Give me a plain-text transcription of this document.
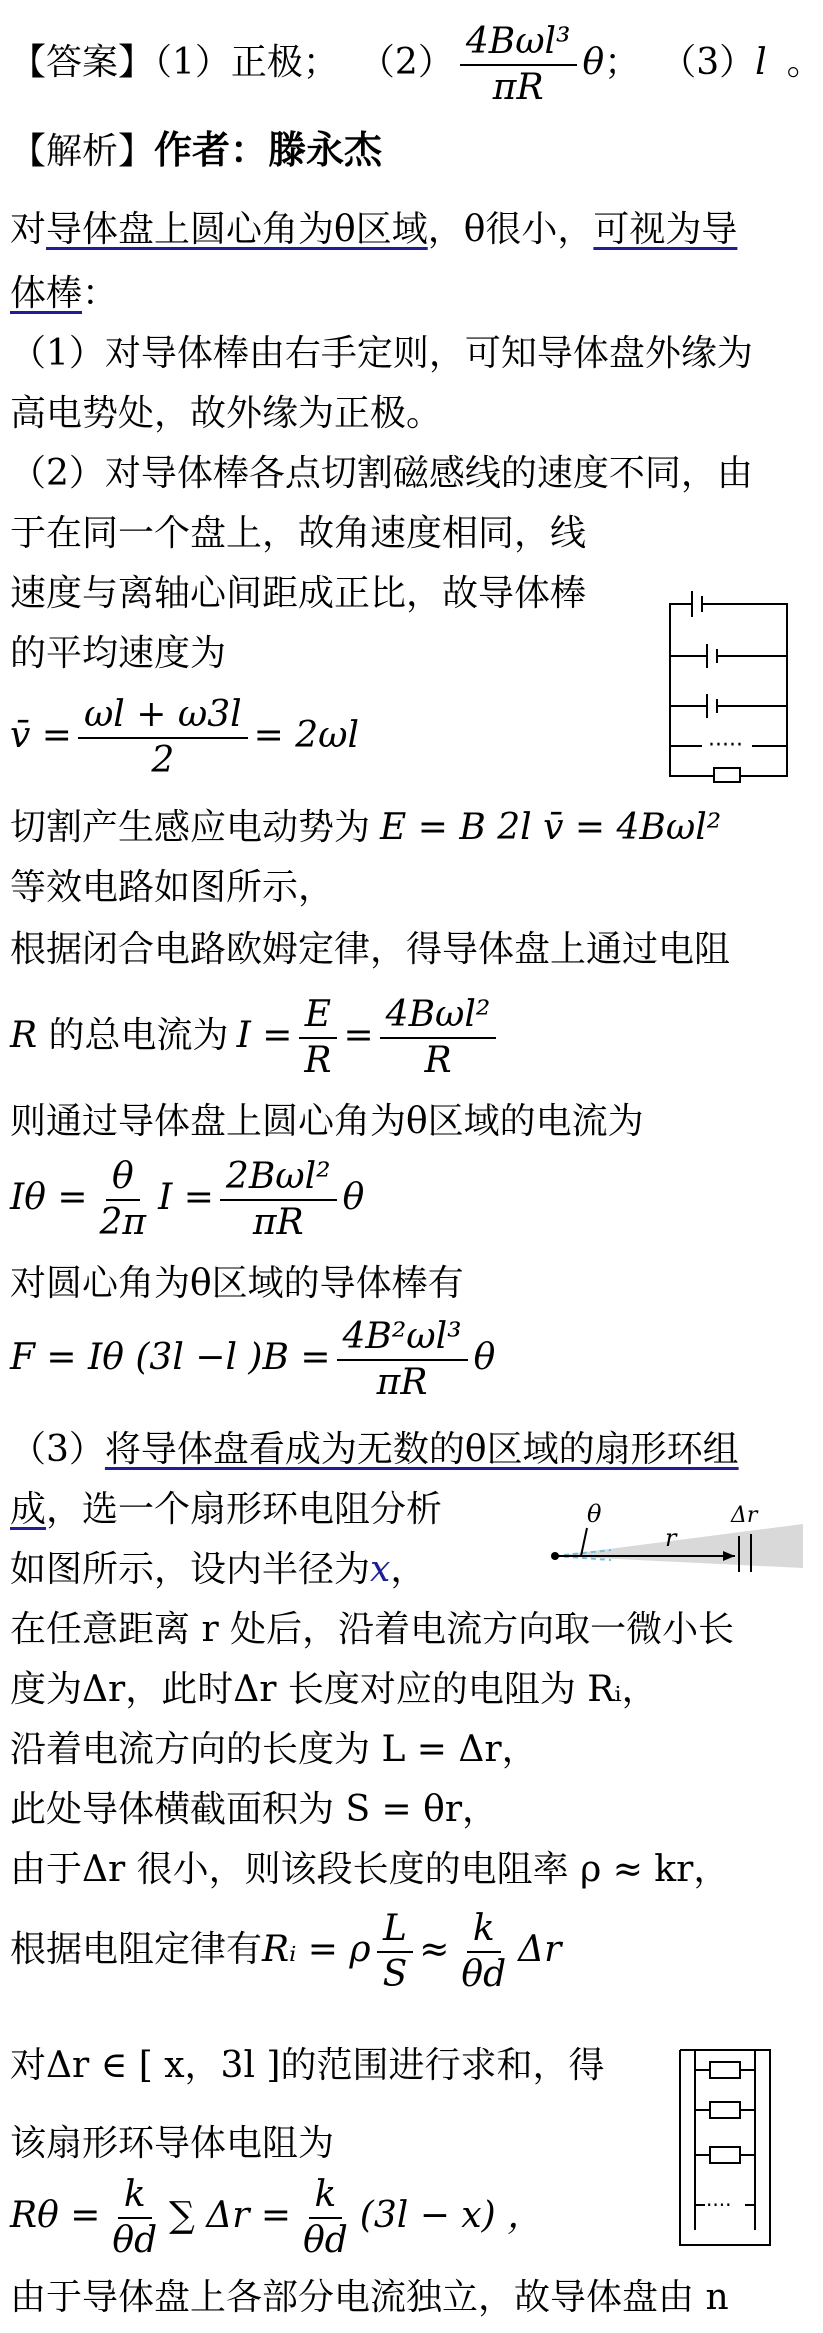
【答案】（1）正极； $(2) \frac{\text{4Bωl³}}{\pi R}$ θ； （3）l 。
【解析】作者：滕永杰
对导体盘上圆心角为θ区域，θ很小，可视为导
体棒：
（1）对导体棒由右手定则，可知导体盘外缘为
高电势处，故外缘为正极。
（2）对导体棒各点切割磁感线的速度不同，由
于在同一个盘上，故角速度相同，线
速度与离轴心间距成正比，故导体棒
的平均速度为
v̄ = $\frac{\omega l + \omega 3l}{2} = 2\omega l$
切割产生感应电动势为 E = B 2l v̄ = 4Bωl²
等效电路如图所示，
根据闭合电路欧姆定律，得导体盘上通过电阻
R 的总电流为 $I = \frac{E}{R} = \frac{\text{4Bωl²}}{R}$
则通过导体盘上圆心角为θ区域的电流为
$I\theta = \frac{\theta}{2\pi}$ $I = \frac{\text{2Bωl²}}{\pi R}$ θ
对圆心角为θ区域的导体棒有
F = Iθ (3l −l )$B = \frac{\text{4B²ωl³}}{\pi R}$ θ
（3）将导体盘看成为无数的θ区域的扇形环组
成，选一个扇形环电阻分析
如图所示，设内半径为x，
在任意距离 r 处后，沿着电流方向取一微小长
度为Δr，此时Δr 长度对应的电阻为 Rᵢ，
沿着电流方向的长度为 L = Δr，
此处导体横截面积为 S = θr，
由于Δr 很小，则该段长度的电阻率 ρ ≈ kr，
根据电阻定律有Rᵢ = ρ $\frac{L}{S} \approx \frac{k}{\theta d}$ Δr
对Δr ∈ [ x，3l ]的范围进行求和，得
该扇形环导体电阻为
$R\theta = \frac{k}{\theta d}$ ∑ $\Delta r = \frac{k}{\theta d} (3l - x)$ ，
由于导体盘上各部分电流独立，故导体盘由 n
·····
θ
r
Δr
····
